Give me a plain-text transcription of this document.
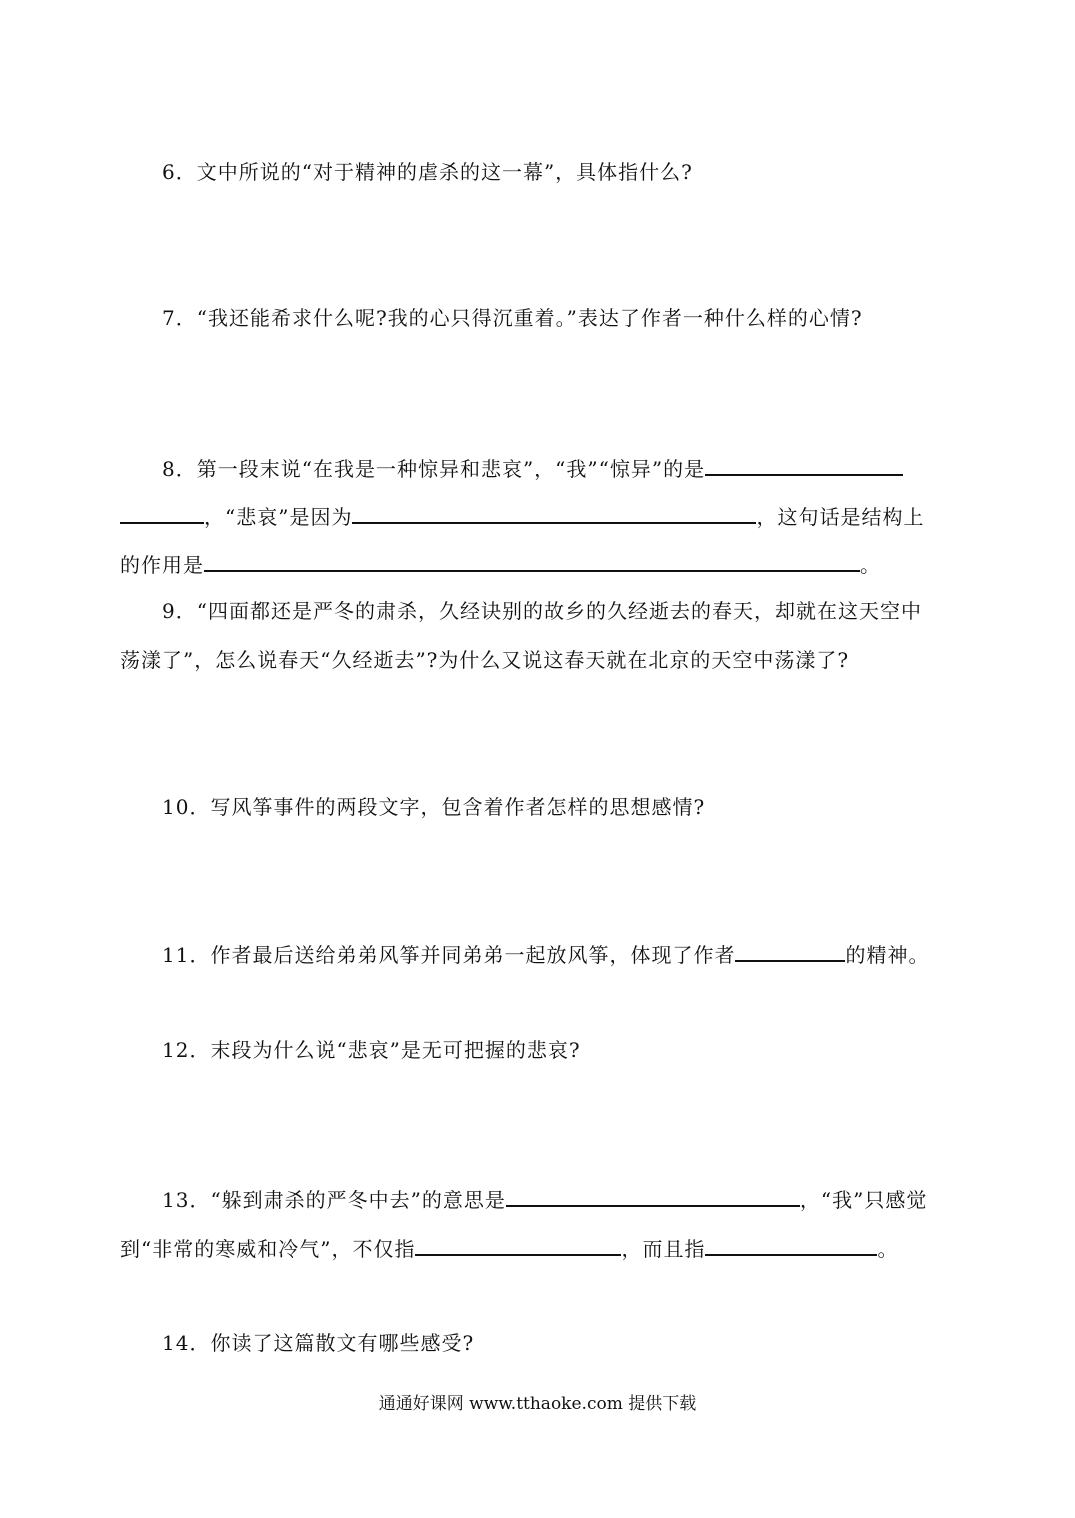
6．文中所说的“对于精神的虐杀的这一幕”，具体指什么?
7．“我还能希求什么呢?我的心只得沉重着。”表达了作者一种什么样的心情?
8．第一段末说“在我是一种惊异和悲哀”，“我”“惊异”的是
，“悲哀”是因为	，这句话是结构上
的作用是	。
9．“四面都还是严冬的肃杀，久经诀别的故乡的久经逝去的春天，却就在这天空中
荡漾了”，怎么说春天“久经逝去”?为什么又说这春天就在北京的天空中荡漾了?
10．写风筝事件的两段文字，包含着作者怎样的思想感情?
11．作者最后送给弟弟风筝并同弟弟一起放风筝，体现了作者	的精神。
12．末段为什么说“悲哀”是无可把握的悲哀?
13．“躲到肃杀的严冬中去”的意思是	，“我”只感觉
到“非常的寒威和冷气”，不仅指	，而且指	。
14．你读了这篇散文有哪些感受?
通通好课网 www.tthaoke.com 提供下载
